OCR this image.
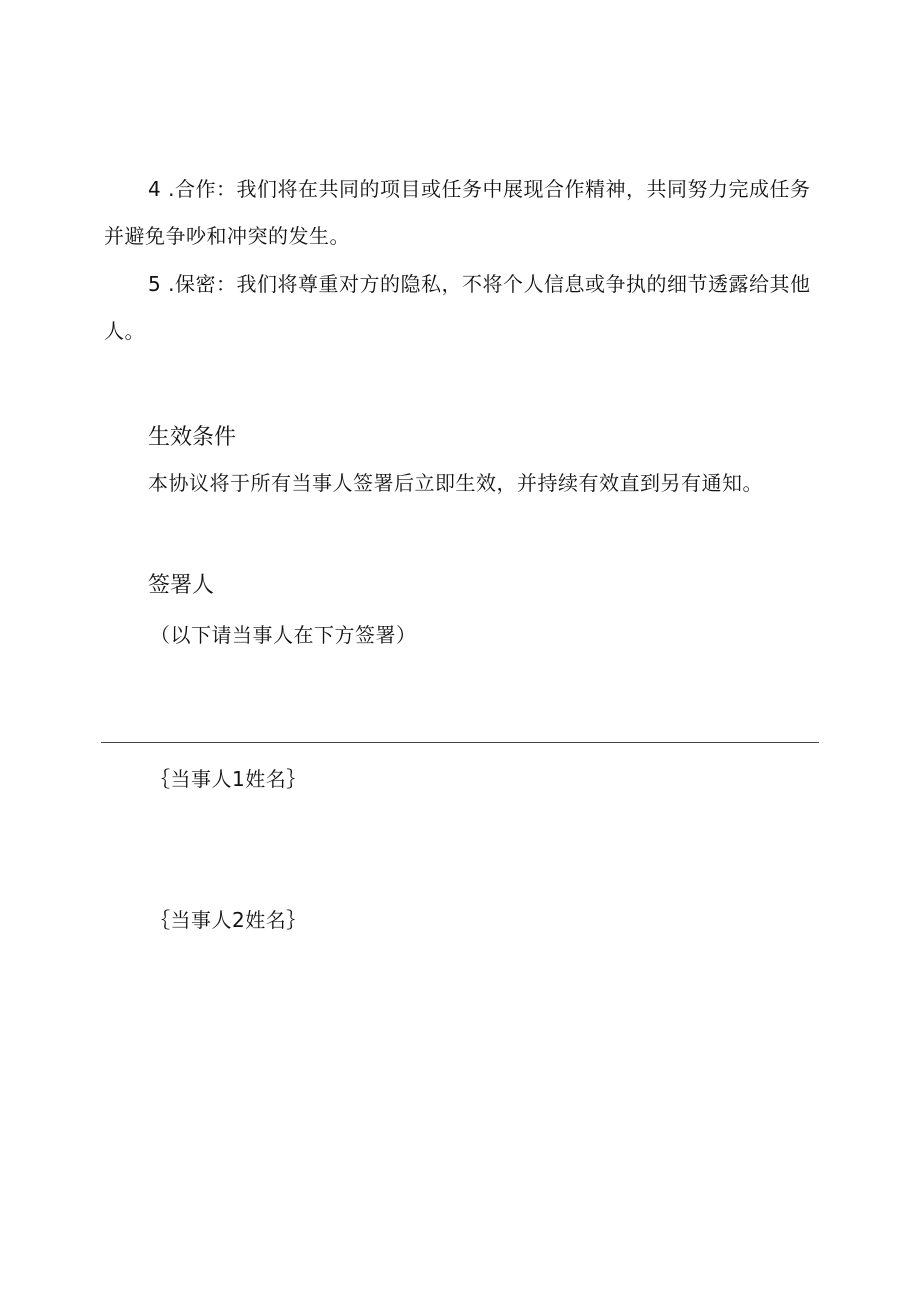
4 .合作：我们将在共同的项目或任务中展现合作精神，共同努力完成任务并避免争吵和冲突的发生。

5 .保密：我们将尊重对方的隐私，不将个人信息或争执的细节透露给其他人。

生效条件

本协议将于所有当事人签署后立即生效，并持续有效直到另有通知。

签署人

（以下请当事人在下方签署）

｛当事人1姓名｝

｛当事人2姓名｝
